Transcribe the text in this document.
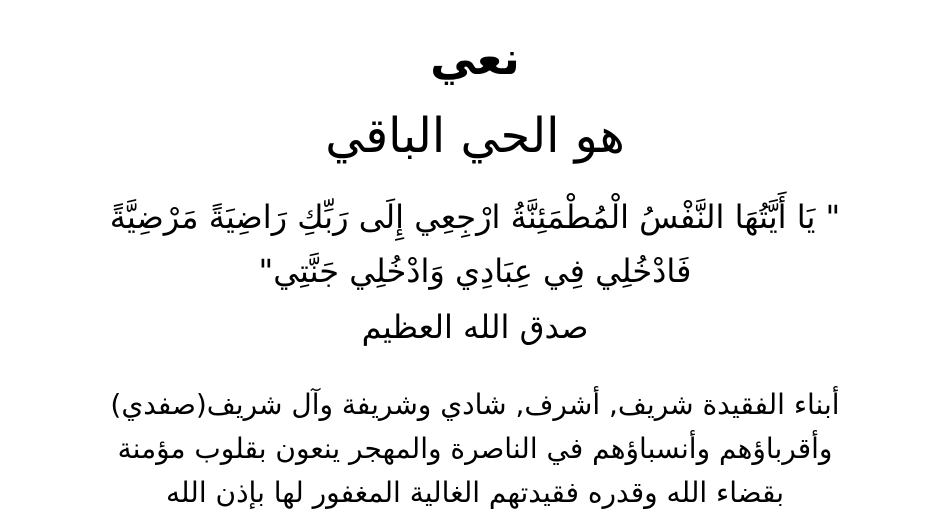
نعي
هو الحي الباقي
" يَا أَيَّتُهَا النَّفْسُ الْمُطْمَئِنَّةُ ارْجِعِي إِلَى رَبِّكِ رَاضِيَةً مَرْضِيَّةً
فَادْخُلِي فِي عِبَادِي وَادْخُلِي جَنَّتِي"
صدق الله العظيم
أبناء الفقيدة شريف, أشرف, شادي وشريفة وآل شريف(صفدي)
وأقرباؤهم وأنسباؤهم في الناصرة والمهجر ينعون بقلوب مؤمنة
بقضاء الله وقدره فقيدتهم الغالية المغفور لها بإذن الله
